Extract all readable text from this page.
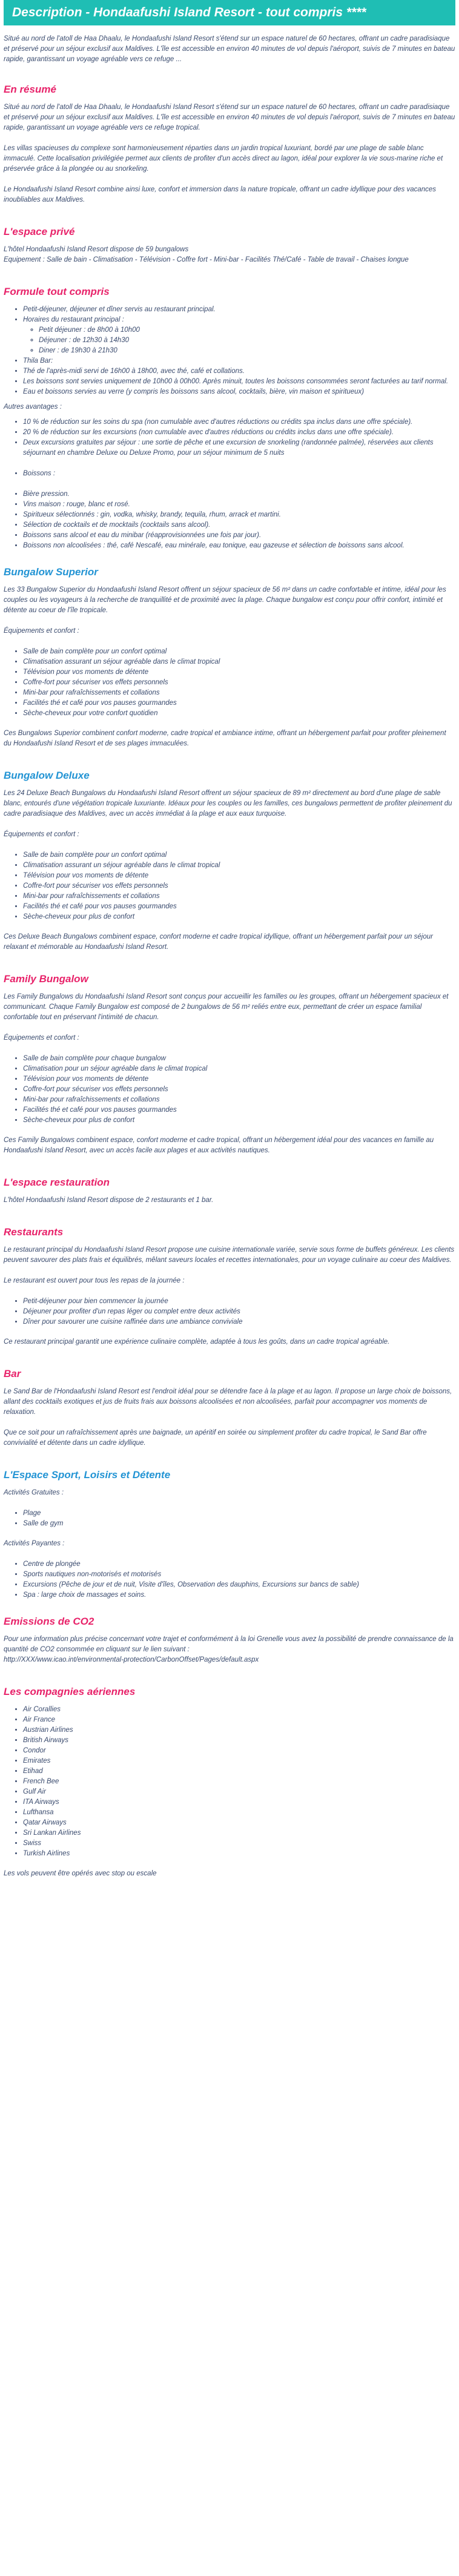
Description - Hondaafushi Island Resort - tout compris ****

Situé au nord de l'atoll de Haa Dhaalu, le Hondaafushi Island Resort s'étend sur un espace naturel de 60 hectares, offrant un cadre paradisiaque et préservé pour un séjour exclusif aux Maldives. L'île est accessible en environ 40 minutes de vol depuis l'aéroport, suivis de 7 minutes en bateau rapide, garantissant un voyage agréable vers ce refuge ...

En résumé

Situé au nord de l'atoll de Haa Dhaalu, le Hondaafushi Island Resort s'étend sur un espace naturel de 60 hectares, offrant un cadre paradisiaque et préservé pour un séjour exclusif aux Maldives. L'île est accessible en environ 40 minutes de vol depuis l'aéroport, suivis de 7 minutes en bateau rapide, garantissant un voyage agréable vers ce refuge tropical.

Les villas spacieuses du complexe sont harmonieusement réparties dans un jardin tropical luxuriant, bordé par une plage de sable blanc immaculé. Cette localisation privilégiée permet aux clients de profiter d'un accès direct au lagon, idéal pour explorer la vie sous-marine riche et préservée grâce à la plongée ou au snorkeling.

Le Hondaafushi Island Resort combine ainsi luxe, confort et immersion dans la nature tropicale, offrant un cadre idyllique pour des vacances inoubliables aux Maldives.

L'espace privé

L'hôtel Hondaafushi Island Resort dispose de 59 bungalows

Equipement : Salle de bain - Climatisation - Télévision - Coffre fort - Mini-bar - Facilités Thé/Café - Table de travail - Chaises longue

Formule tout compris
• Petit-déjeuner, déjeuner et dîner servis au restaurant principal.
• Horaires du restaurant principal :
◦ Petit déjeuner : de 8h00 à 10h00
◦ Déjeuner : de 12h30 à 14h30
◦ Diner : de 19h30 à 21h30
• Thila Bar:
• Thé de l'après-midi servi de 16h00 à 18h00, avec thé, café et collations.
• Les boissons sont servies uniquement de 10h00 à 00h00. Après minuit, toutes les boissons consommées seront facturées au tarif normal.
• Eau et boissons servies au verre (y compris les boissons sans alcool, cocktails, bière, vin maison et spiritueux)

Autres avantages :

• 10 % de réduction sur les soins du spa (non cumulable avec d'autres réductions ou crédits spa inclus dans une offre spéciale).
• 20 % de réduction sur les excursions (non cumulable avec d'autres réductions ou crédits inclus dans une offre spéciale).
• Deux excursions gratuites par séjour : une sortie de pêche et une excursion de snorkeling (randonnée palmée), réservées aux clients séjournant en chambre Deluxe ou Deluxe Promo, pour un séjour minimum de 5 nuits
• Boissons :
• Bière pression.
• Vins maison : rouge, blanc et rosé.
• Spiritueux sélectionnés : gin, vodka, whisky, brandy, tequila, rhum, arrack et martini.
• Sélection de cocktails et de mocktails (cocktails sans alcool).
• Boissons sans alcool et eau du minibar (réapprovisionnées une fois par jour).
• Boissons non alcoolisées : thé, café Nescafé, eau minérale, eau tonique, eau gazeuse et sélection de boissons sans alcool.
Bungalow Superior

Les 33 Bungalow Superior du Hondaafushi Island Resort offrent un séjour spacieux de 56 m² dans un cadre confortable et intime, idéal pour les couples ou les voyageurs à la recherche de tranquillité et de proximité avec la plage. Chaque bungalow est conçu pour offrir confort, intimité et détente au coeur de l'île tropicale.

Équipements et confort :

• Salle de bain complète pour un confort optimal
• Climatisation assurant un séjour agréable dans le climat tropical
• Télévision pour vos moments de détente
• Coffre-fort pour sécuriser vos effets personnels
• Mini-bar pour rafraîchissements et collations
• Facilités thé et café pour vos pauses gourmandes
• Sèche-cheveux pour votre confort quotidien

Ces Bungalows Superior combinent confort moderne, cadre tropical et ambiance intime, offrant un hébergement parfait pour profiter pleinement du Hondaafushi Island Resort et de ses plages immaculées.

Bungalow Deluxe

Les 24 Deluxe Beach Bungalows du Hondaafushi Island Resort offrent un séjour spacieux de 89 m² directement au bord d'une plage de sable blanc, entourés d'une végétation tropicale luxuriante. Idéaux pour les couples ou les familles, ces bungalows permettent de profiter pleinement du cadre paradisiaque des Maldives, avec un accès immédiat à la plage et aux eaux turquoise.

Équipements et confort :

• Salle de bain complète pour un confort optimal
• Climatisation assurant un séjour agréable dans le climat tropical
• Télévision pour vos moments de détente
• Coffre-fort pour sécuriser vos effets personnels
• Mini-bar pour rafraîchissements et collations
• Facilités thé et café pour vos pauses gourmandes
• Sèche-cheveux pour plus de confort

Ces Deluxe Beach Bungalows combinent espace, confort moderne et cadre tropical idyllique, offrant un hébergement parfait pour un séjour relaxant et mémorable au Hondaafushi Island Resort.

Family Bungalow

Les Family Bungalows du Hondaafushi Island Resort sont conçus pour accueillir les familles ou les groupes, offrant un hébergement spacieux et communicant. Chaque Family Bungalow est composé de 2 bungalows de 56 m² reliés entre eux, permettant de créer un espace familial confortable tout en préservant l'intimité de chacun.

Équipements et confort :

• Salle de bain complète pour chaque bungalow
• Climatisation pour un séjour agréable dans le climat tropical
• Télévision pour vos moments de détente
• Coffre-fort pour sécuriser vos effets personnels
• Mini-bar pour rafraîchissements et collations
• Facilités thé et café pour vos pauses gourmandes
• Sèche-cheveux pour plus de confort

Ces Family Bungalows combinent espace, confort moderne et cadre tropical, offrant un hébergement idéal pour des vacances en famille au Hondaafushi Island Resort, avec un accès facile aux plages et aux activités nautiques.

L'espace restauration

L'hôtel Hondaafushi Island Resort dispose de 2 restaurants et 1 bar.

Restaurants

Le restaurant principal du Hondaafushi Island Resort propose une cuisine internationale variée, servie sous forme de buffets généreux. Les clients peuvent savourer des plats frais et équilibrés, mêlant saveurs locales et recettes internationales, pour un voyage culinaire au coeur des Maldives.

Le restaurant est ouvert pour tous les repas de la journée :

• Petit-déjeuner pour bien commencer la journée
• Déjeuner pour profiter d'un repas léger ou complet entre deux activités
• Dîner pour savourer une cuisine raffinée dans une ambiance conviviale

Ce restaurant principal garantit une expérience culinaire complète, adaptée à tous les goûts, dans un cadre tropical agréable.

Bar

Le Sand Bar de l'Hondaafushi Island Resort est l'endroit idéal pour se détendre face à la plage et au lagon. Il propose un large choix de boissons, allant des cocktails exotiques et jus de fruits frais aux boissons alcoolisées et non alcoolisées, parfait pour accompagner vos moments de relaxation.

Que ce soit pour un rafraîchissement après une baignade, un apéritif en soirée ou simplement profiter du cadre tropical, le Sand Bar offre convivialité et détente dans un cadre idyllique.

L'Espace Sport, Loisirs et Détente

Activités Gratuites :

• Plage
• Salle de gym

Activités Payantes :

• Centre de plongée
• Sports nautiques non-motorisés et motorisés
• Excursions (Pêche de jour et de nuit, Visite d'îles, Observation des dauphins, Excursions sur bancs de sable)
• Spa : large choix de massages et soins.
Emissions de CO2

Pour une information plus précise concernant votre trajet et conformément à la loi Grenelle vous avez la possibilité de prendre connaissance de la quantité de CO2 consommée en cliquant sur le lien suivant :
http://XXX/www.icao.int/environmental-protection/CarbonOffset/Pages/default.aspx

Les compagnies aériennes
• Air Corallies
• Air France
• Austrian Airlines
• British Airways
• Condor
• Emirates
• Etihad
• French Bee
• Gulf Air
• ITA Airways
• Lufthansa
• Qatar Airways
• Sri Lankan Airlines
• Swiss
• Turkish Airlines

Les vols peuvent être opérés avec stop ou escale
